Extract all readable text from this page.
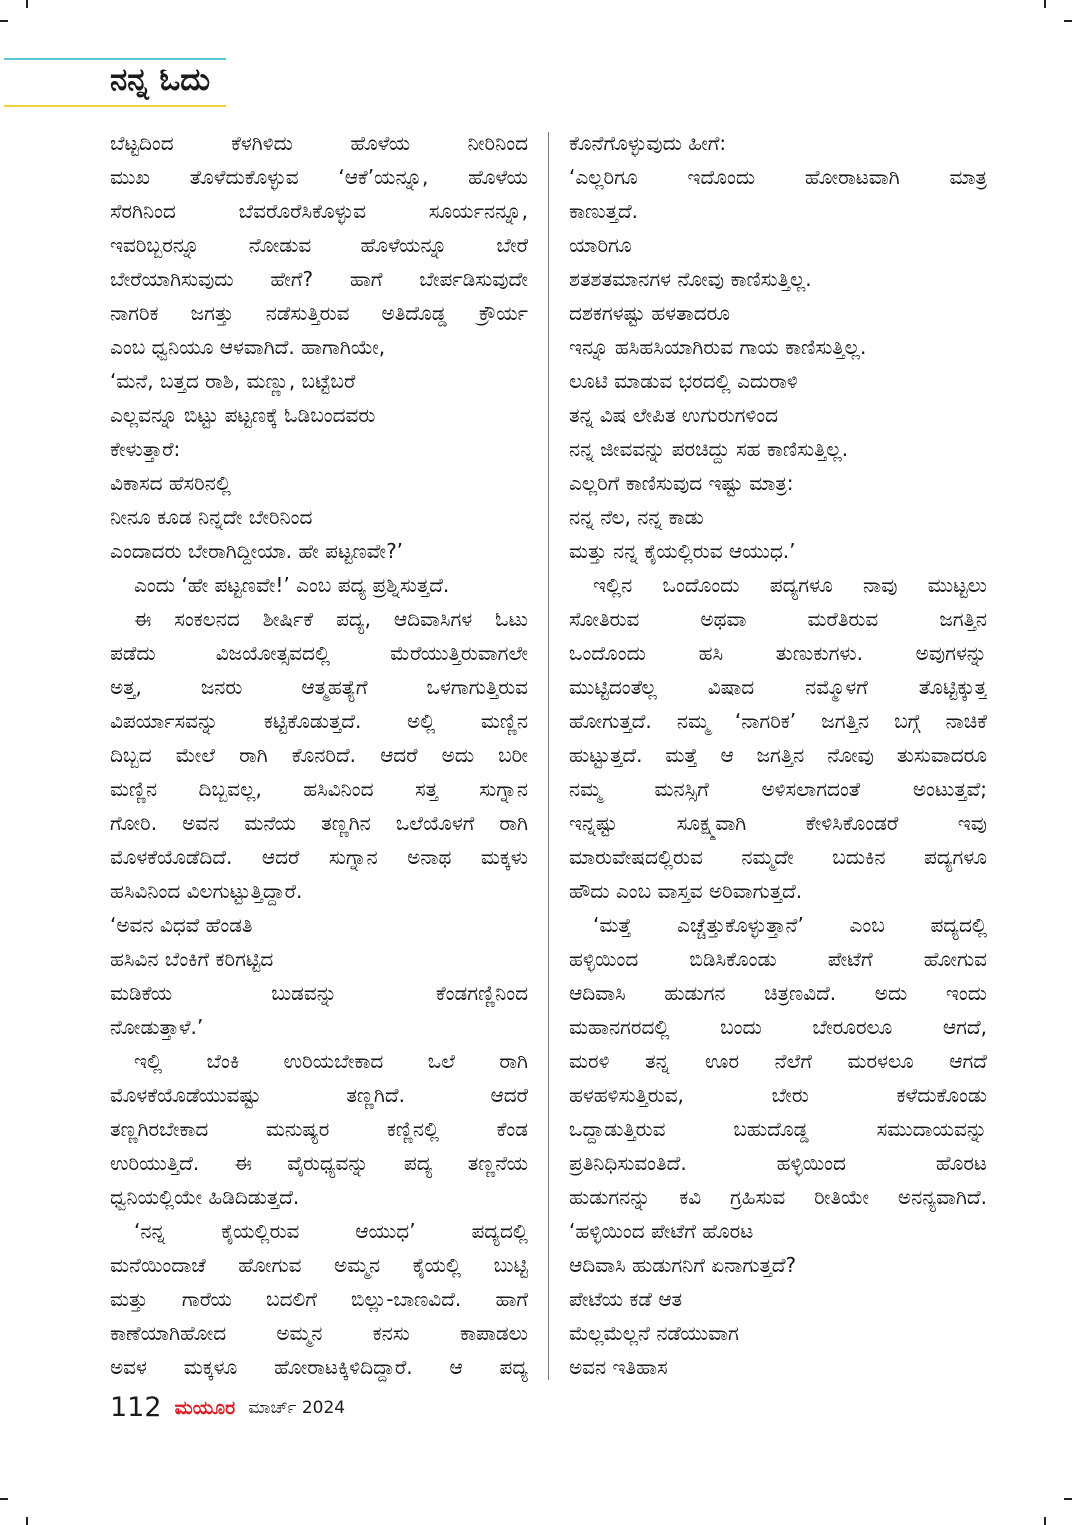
ನನ್ನ ಓದು
ಬೆಟ್ಟದಿಂದ ಕೆಳಗಿಳಿದು ಹೊಳೆಯ ನೀರಿನಿಂದ
ಮುಖ ತೊಳೆದುಕೊಳ್ಳುವ ‘ಆಕೆ’ಯನ್ನೂ, ಹೊಳೆಯ
ಸೆರಗಿನಿಂದ ಬೆವರೊರೆಸಿಕೊಳ್ಳುವ ಸೂರ್ಯನನ್ನೂ,
ಇವರಿಬ್ಬರನ್ನೂ ನೋಡುವ ಹೊಳೆಯನ್ನೂ ಬೇರೆ
ಬೇರೆಯಾಗಿಸುವುದು ಹೇಗೆ? ಹಾಗೆ ಬೇರ್ಪಡಿಸುವುದೇ
ನಾಗರಿಕ ಜಗತ್ತು ನಡೆಸುತ್ತಿರುವ ಅತಿದೊಡ್ಡ ಕ್ರೌರ್ಯ
ಎಂಬ ಧ್ವನಿಯೂ ಆಳವಾಗಿದೆ. ಹಾಗಾಗಿಯೇ,
‘ಮನೆ, ಬತ್ತದ ರಾಶಿ, ಮಣ್ಣು, ಬಟ್ಟೆಬರೆ
ಎಲ್ಲವನ್ನೂ ಬಿಟ್ಟು ಪಟ್ಟಣಕ್ಕೆ ಓಡಿಬಂದವರು
ಕೇಳುತ್ತಾರೆ:
ವಿಕಾಸದ ಹೆಸರಿನಲ್ಲಿ
ನೀನೂ ಕೂಡ ನಿನ್ನದೇ ಬೇರಿನಿಂದ
ಎಂದಾದರು ಬೇರಾಗಿದ್ದೀಯಾ. ಹೇ ಪಟ್ಟಣವೇ?’
ಎಂದು ‘ಹೇ ಪಟ್ಟಣವೇ!’ ಎಂಬ ಪದ್ಯ ಪ್ರಶ್ನಿಸುತ್ತದೆ.
ಈ ಸಂಕಲನದ ಶೀರ್ಷಿಕೆ ಪದ್ಯ, ಆದಿವಾಸಿಗಳ ಓಟು
ಪಡೆದು ವಿಜಯೋತ್ಸವದಲ್ಲಿ ಮೆರೆಯುತ್ತಿರುವಾಗಲೇ
ಅತ್ತ, ಜನರು ಆತ್ಮಹತ್ಯೆಗೆ ಒಳಗಾಗುತ್ತಿರುವ
ವಿಪರ್ಯಾಸವನ್ನು ಕಟ್ಟಿಕೊಡುತ್ತದೆ. ಅಲ್ಲಿ ಮಣ್ಣಿನ
ದಿಬ್ಬದ ಮೇಲೆ ರಾಗಿ ಕೊನರಿದೆ. ಆದರೆ ಅದು ಬರೀ
ಮಣ್ಣಿನ ದಿಬ್ಬವಲ್ಲ, ಹಸಿವಿನಿಂದ ಸತ್ತ ಸುಗ್ನಾನ
ಗೋರಿ. ಅವನ ಮನೆಯ ತಣ್ಣಗಿನ ಒಲೆಯೊಳಗೆ ರಾಗಿ
ಮೊಳಕೆಯೊಡೆದಿದೆ. ಆದರೆ ಸುಗ್ನಾನ ಅನಾಥ ಮಕ್ಕಳು
ಹಸಿವಿನಿಂದ ವಿಲಗುಟ್ಟುತ್ತಿದ್ದಾರೆ.
‘ಅವನ ವಿಧವೆ ಹೆಂಡತಿ
ಹಸಿವಿನ ಬೆಂಕಿಗೆ ಕರಿಗಟ್ಟಿದ
ಮಡಿಕೆಯ ಬುಡವನ್ನು ಕೆಂಡಗಣ್ಣಿನಿಂದ
ನೋಡುತ್ತಾಳೆ.’
ಇಲ್ಲಿ ಬೆಂಕಿ ಉರಿಯಬೇಕಾದ ಒಲೆ ರಾಗಿ
ಮೊಳಕೆಯೊಡೆಯುವಷ್ಟು ತಣ್ಣಗಿದೆ. ಆದರೆ
ತಣ್ಣಗಿರಬೇಕಾದ ಮನುಷ್ಯರ ಕಣ್ಣಿನಲ್ಲಿ ಕೆಂಡ
ಉರಿಯುತ್ತಿದೆ. ಈ ವೈರುಧ್ಯವನ್ನು ಪದ್ಯ ತಣ್ಣನೆಯ
ಧ್ವನಿಯಲ್ಲಿಯೇ ಹಿಡಿದಿಡುತ್ತದೆ.
‘ನನ್ನ ಕೈಯಲ್ಲಿರುವ ಆಯುಧ’ ಪದ್ಯದಲ್ಲಿ
ಮನೆಯಿಂದಾಚೆ ಹೋಗುವ ಅಮ್ಮನ ಕೈಯಲ್ಲಿ ಬುಟ್ಟಿ
ಮತ್ತು ಗಾರೆಯ ಬದಲಿಗೆ ಬಿಲ್ಲು-ಬಾಣವಿದೆ. ಹಾಗೆ
ಕಾಣೆಯಾಗಿಹೋದ ಅಮ್ಮನ ಕನಸು ಕಾಪಾಡಲು
ಅವಳ ಮಕ್ಕಳೂ ಹೋರಾಟಕ್ಕಿಳಿದಿದ್ದಾರೆ. ಆ ಪದ್ಯ
ಕೊನೆಗೊಳ್ಳುವುದು ಹೀಗೆ:
‘ಎಲ್ಲರಿಗೂ ಇದೊಂದು ಹೋರಾಟವಾಗಿ ಮಾತ್ರ
ಕಾಣುತ್ತದೆ.
ಯಾರಿಗೂ
ಶತಶತಮಾನಗಳ ನೋವು ಕಾಣಿಸುತ್ತಿಲ್ಲ.
ದಶಕಗಳಷ್ಟು ಹಳತಾದರೂ
ಇನ್ನೂ ಹಸಿಹಸಿಯಾಗಿರುವ ಗಾಯ ಕಾಣಿಸುತ್ತಿಲ್ಲ.
ಲೂಟಿ ಮಾಡುವ ಭರದಲ್ಲಿ ಎದುರಾಳಿ
ತನ್ನ ವಿಷ ಲೇಪಿತ ಉಗುರುಗಳಿಂದ
ನನ್ನ ಜೀವವನ್ನು ಪರಚಿದ್ದು ಸಹ ಕಾಣಿಸುತ್ತಿಲ್ಲ.
ಎಲ್ಲರಿಗೆ ಕಾಣಿಸುವುದ ಇಷ್ಟು ಮಾತ್ರ:
ನನ್ನ ನೆಲ, ನನ್ನ ಕಾಡು
ಮತ್ತು ನನ್ನ ಕೈಯಲ್ಲಿರುವ ಆಯುಧ.’
ಇಲ್ಲಿನ ಒಂದೊಂದು ಪದ್ಯಗಳೂ ನಾವು ಮುಟ್ಟಲು
ಸೋತಿರುವ ಅಥವಾ ಮರೆತಿರುವ ಜಗತ್ತಿನ
ಒಂದೊಂದು ಹಸಿ ತುಣುಕುಗಳು. ಅವುಗಳನ್ನು
ಮುಟ್ಟಿದಂತೆಲ್ಲ ವಿಷಾದ ನಮ್ಮೊಳಗೆ ತೊಟ್ಟಿಕ್ಕುತ್ತ
ಹೋಗುತ್ತದೆ. ನಮ್ಮ ‘ನಾಗರಿಕ’ ಜಗತ್ತಿನ ಬಗ್ಗೆ ನಾಚಿಕೆ
ಹುಟ್ಟುತ್ತದೆ. ಮತ್ತೆ ಆ ಜಗತ್ತಿನ ನೋವು ತುಸುವಾದರೂ
ನಮ್ಮ ಮನಸ್ಸಿಗೆ ಅಳಿಸಲಾಗದಂತೆ ಅಂಟುತ್ತವೆ;
ಇನ್ನಷ್ಟು ಸೂಕ್ಷ್ಮವಾಗಿ ಕೇಳಿಸಿಕೊಂಡರೆ ಇವು
ಮಾರುವೇಷದಲ್ಲಿರುವ ನಮ್ಮದೇ ಬದುಕಿನ ಪದ್ಯಗಳೂ
ಹೌದು ಎಂಬ ವಾಸ್ತವ ಅರಿವಾಗುತ್ತದೆ.
‘ಮತ್ತೆ ಎಚ್ಚೆತ್ತುಕೊಳ್ಳುತ್ತಾನೆ’ ಎಂಬ ಪದ್ಯದಲ್ಲಿ
ಹಳ್ಳಿಯಿಂದ ಬಿಡಿಸಿಕೊಂಡು ಪೇಟೆಗೆ ಹೋಗುವ
ಆದಿವಾಸಿ ಹುಡುಗನ ಚಿತ್ರಣವಿದೆ. ಅದು ಇಂದು
ಮಹಾನಗರದಲ್ಲಿ ಬಂದು ಬೇರೂರಲೂ ಆಗದೆ,
ಮರಳಿ ತನ್ನ ಊರ ನೆಲೆಗೆ ಮರಳಲೂ ಆಗದೆ
ಹಳಹಳಿಸುತ್ತಿರುವ, ಬೇರು ಕಳೆದುಕೊಂಡು
ಒದ್ದಾಡುತ್ತಿರುವ ಬಹುದೊಡ್ಡ ಸಮುದಾಯವನ್ನು
ಪ್ರತಿನಿಧಿಸುವಂತಿದೆ. ಹಳ್ಳಿಯಿಂದ ಹೊರಟ
ಹುಡುಗನನ್ನು ಕವಿ ಗ್ರಹಿಸುವ ರೀತಿಯೇ ಅನನ್ಯವಾಗಿದೆ.
‘ಹಳ್ಳಿಯಿಂದ ಪೇಟೆಗೆ ಹೊರಟ
ಆದಿವಾಸಿ ಹುಡುಗನಿಗೆ ಏನಾಗುತ್ತದೆ?
ಪೇಟೆಯ ಕಡೆ ಆತ
ಮೆಲ್ಲಮೆಲ್ಲನೆ ನಡೆಯುವಾಗ
ಅವನ ಇತಿಹಾಸ
112 ಮಯೂರ ಮಾರ್ಚ್ 2024
